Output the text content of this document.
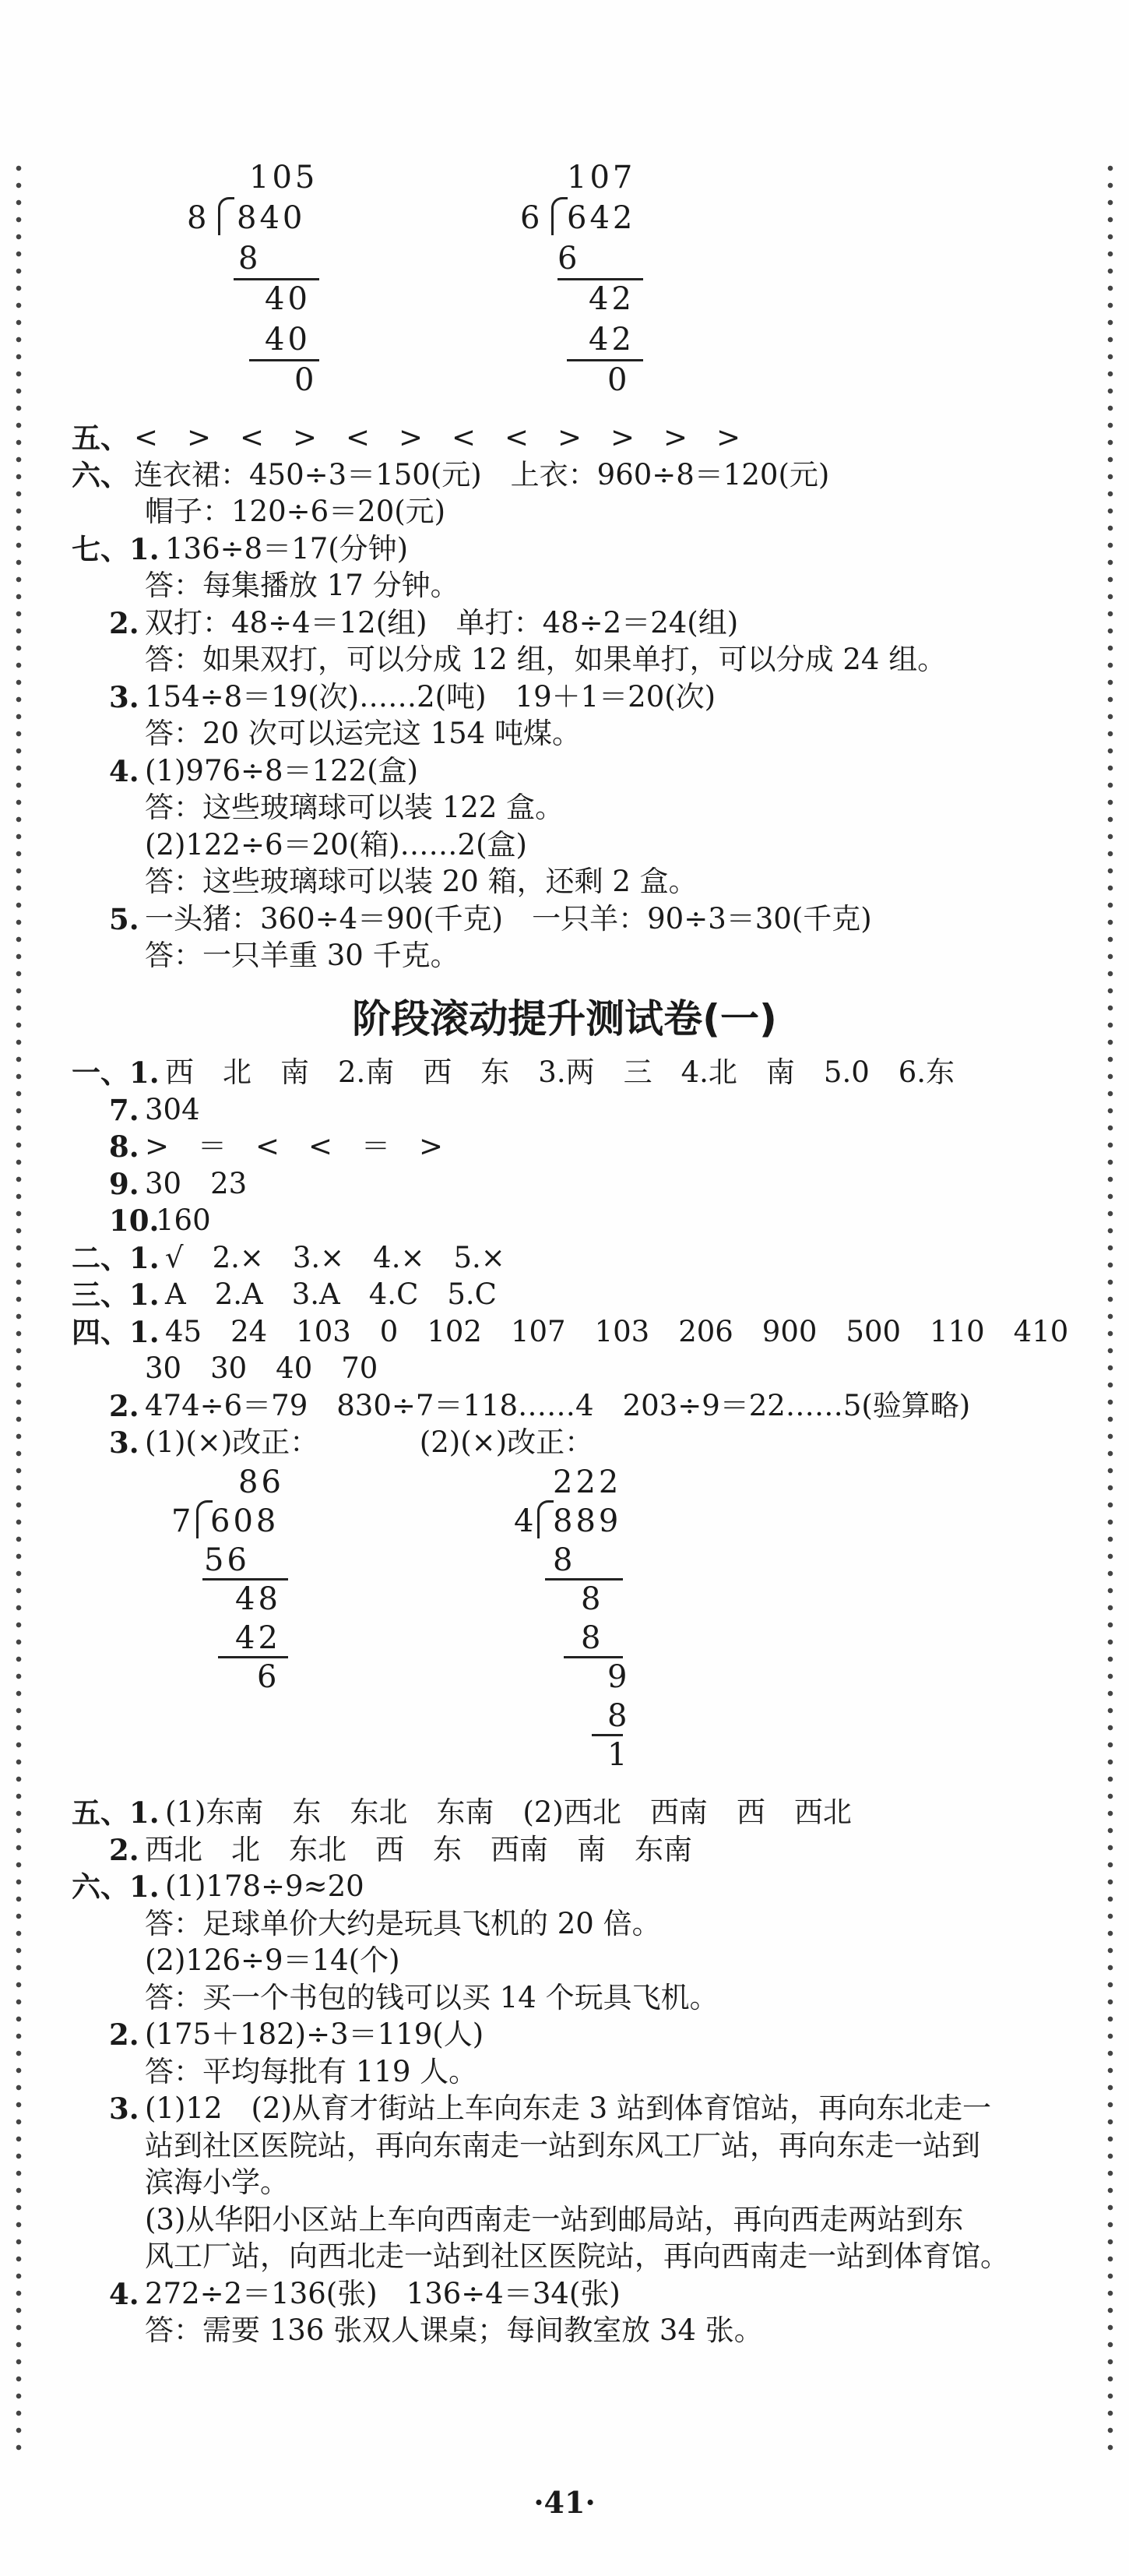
105
8 840
8
40
40
0
107
6 642
6
42
42
0
五、 <　>　<　>　<　>　<　<　>　>　>　>
六、 连衣裙：450÷3＝150(元)　上衣：960÷8＝120(元)
帽子：120÷6＝20(元)
七、1. 136÷8＝17(分钟)
答：每集播放 17 分钟。
2. 双打：48÷4＝12(组)　单打：48÷2＝24(组)
答：如果双打，可以分成 12 组，如果单打，可以分成 24 组。
3. 154÷8＝19(次)……2(吨)　19＋1＝20(次)
答：20 次可以运完这 154 吨煤。
4. (1)976÷8＝122(盒)
答：这些玻璃球可以装 122 盒。
(2)122÷6＝20(箱)……2(盒)
答：这些玻璃球可以装 20 箱，还剩 2 盒。
5. 一头猪：360÷4＝90(千克)　一只羊：90÷3＝30(千克)
答：一只羊重 30 千克。
阶段滚动提升测试卷(一)
一、1. 西　北　南　2.南　西　东　3.两　三　4.北　南　5.0　6.东
7. 304
8. >　＝　<　<　＝　>
9. 30　23
10.
160
二、1. √　2.×　3.×　4.×　5.×
三、1. A　2.A　3.A　4.C　5.C
四、1. 45　24　103　0　102　107　103　206　900　500　110　410
30　30　40　70
2. 474÷6＝79　830÷7＝118……4　203÷9＝22……5(验算略)
3. (1)(×)改正：　　　　(2)(×)改正：
86
7 608
56
48
42
6
222
4 889
8
8
8
9
8
1
五、1. (1)东南　东　东北　东南　(2)西北　西南　西　西北
2. 西北　北　东北　西　东　西南　南　东南
六、1. (1)178÷9≈20
答：足球单价大约是玩具飞机的 20 倍。
(2)126÷9＝14(个)
答：买一个书包的钱可以买 14 个玩具飞机。
2. (175＋182)÷3＝119(人)
答：平均每批有 119 人。
3. (1)12　(2)从育才街站上车向东走 3 站到体育馆站，再向东北走一
站到社区医院站，再向东南走一站到东风工厂站，再向东走一站到
滨海小学。
(3)从华阳小区站上车向西南走一站到邮局站，再向西走两站到东
风工厂站，向西北走一站到社区医院站，再向西南走一站到体育馆。
4. 272÷2＝136(张)　136÷4＝34(张)
答：需要 136 张双人课桌；每间教室放 34 张。
·41·
